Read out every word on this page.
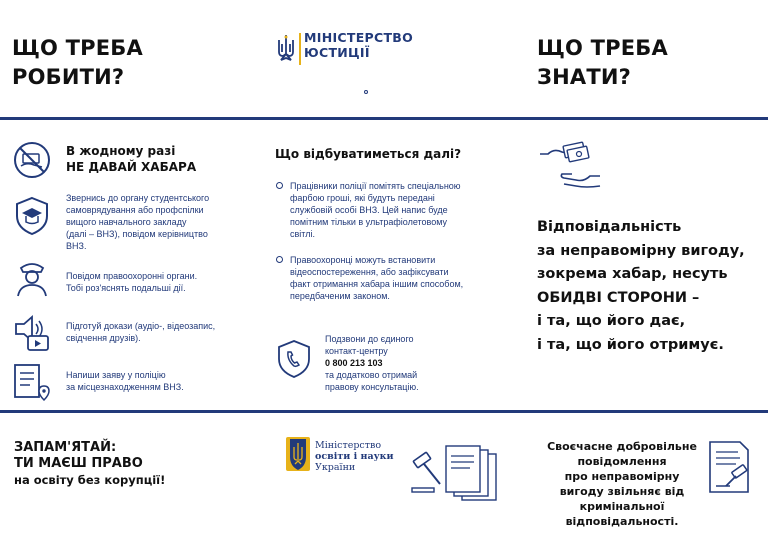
ЩО ТРЕБА
РОБИТИ?
МІНІСТЕРСТВО
ЮСТИЦІЇ	ЩО ТРЕБА
ЗНАТИ?
В жодному разі
НЕ ДАВАЙ ХАБАРА
Звернись до органу студентського
самоврядування або профспілки
вищого навчального закладу
(далі – ВНЗ), повідом керівництво
ВНЗ.
Повідом правоохоронні органи.
Тобі роз'яснять подальші дії.
Підготуй докази (аудіо-, відеозапис,
свідчення друзів).
Напиши заяву у поліцію
за місцезнаходженням ВНЗ.
Що відбуватиметься далі?
Працівники поліції помітять спеціальною
фарбою гроші, які будуть передані
службовій особі ВНЗ. Цей напис буде
помітним тільки в ультрафіолетовому
світлі.
Правоохоронці можуть встановити
відеоспостереження, або зафіксувати
факт отримання хабара іншим способом,
передбаченим законом.
Подзвони до єдиного
контакт-центру
0 800 213 103
та додатково отримай
правову консультацію.
Відповідальність
за неправомірну вигоду,
зокрема хабар, несуть
ОБИДВІ СТОРОНИ –
і та, що його дає,
і та, що його отримує.
ЗАПАМ'ЯТАЙ:
ТИ МАЄШ ПРАВО
на освіту без корупції!
Міністерство
освіти і науки
України
Своєчасне добровільне
повідомлення
про неправомірну
вигоду звільняє від
кримінальної
відповідальності.
